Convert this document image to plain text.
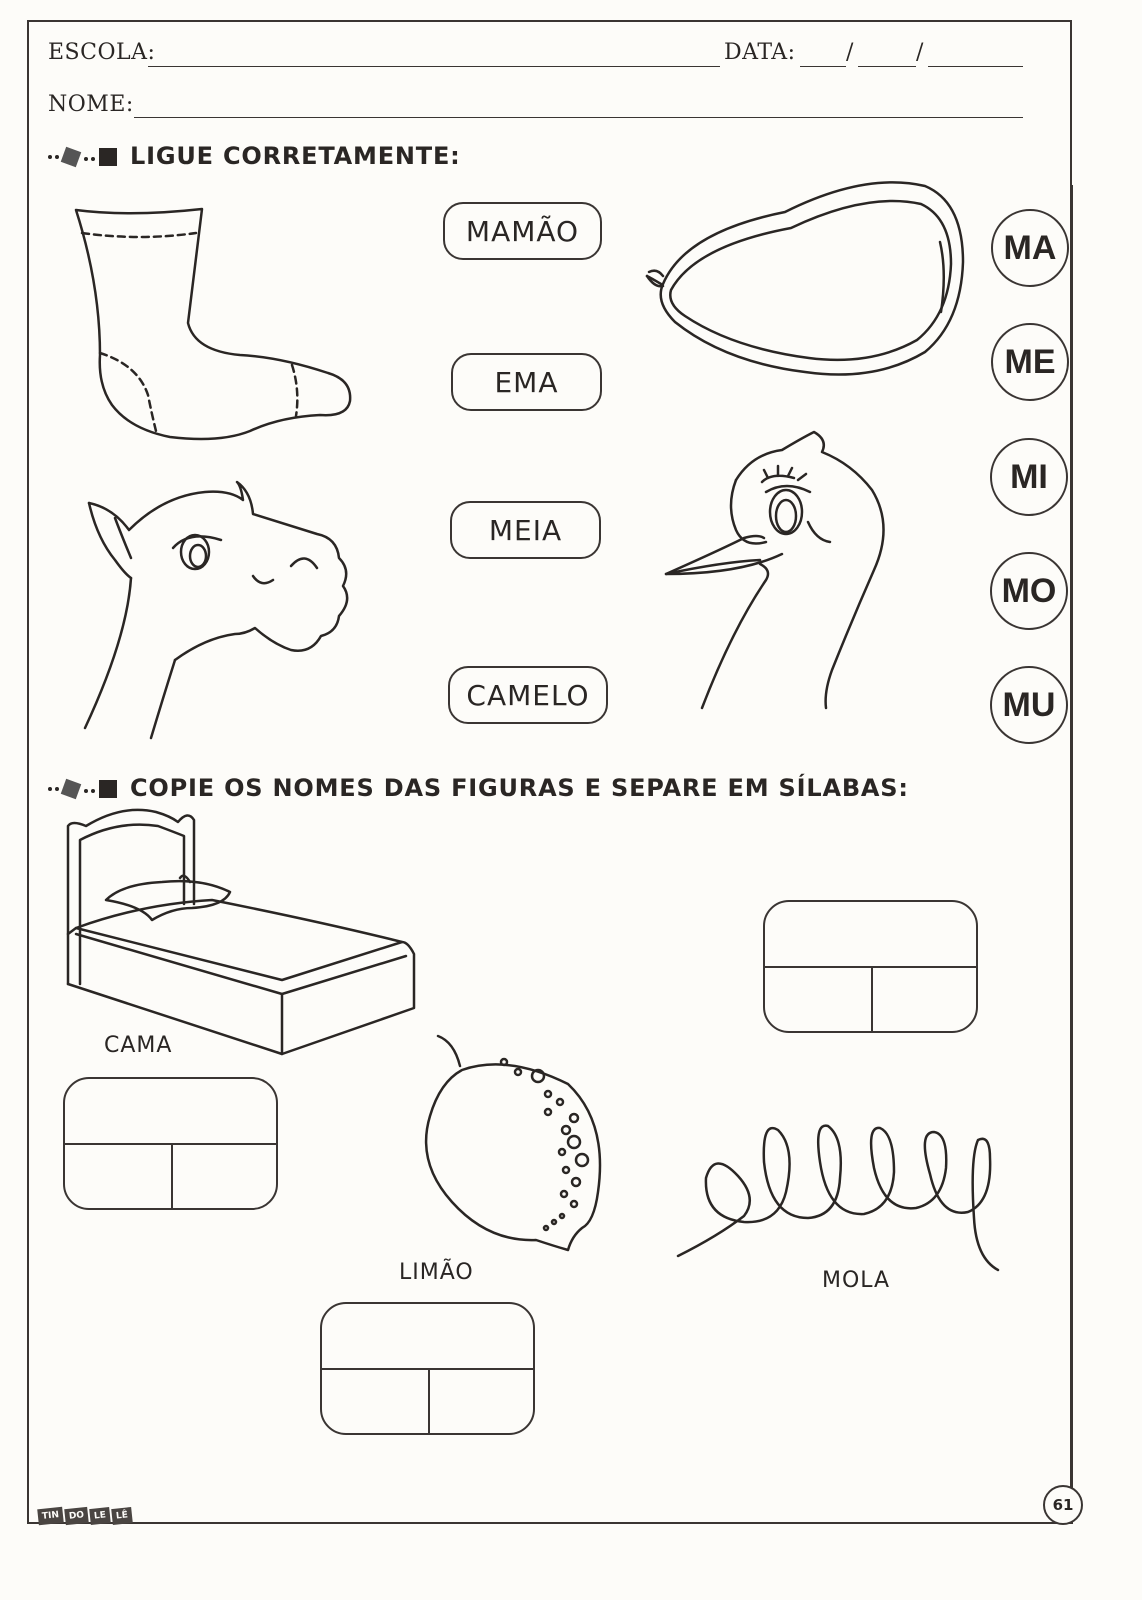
ESCOLA:	DATA: /	/
NOME:
LIGUE CORRETAMENTE:
MAMÃO
EMA
MEIA
CAMELO
MA
ME
MI
MO
MU
COPIE OS NOMES DAS FIGURAS E SEPARE EM SÍLABAS:
CAMA
LIMÃO	MOLA
TIN	DO	LE	LÊ
61
